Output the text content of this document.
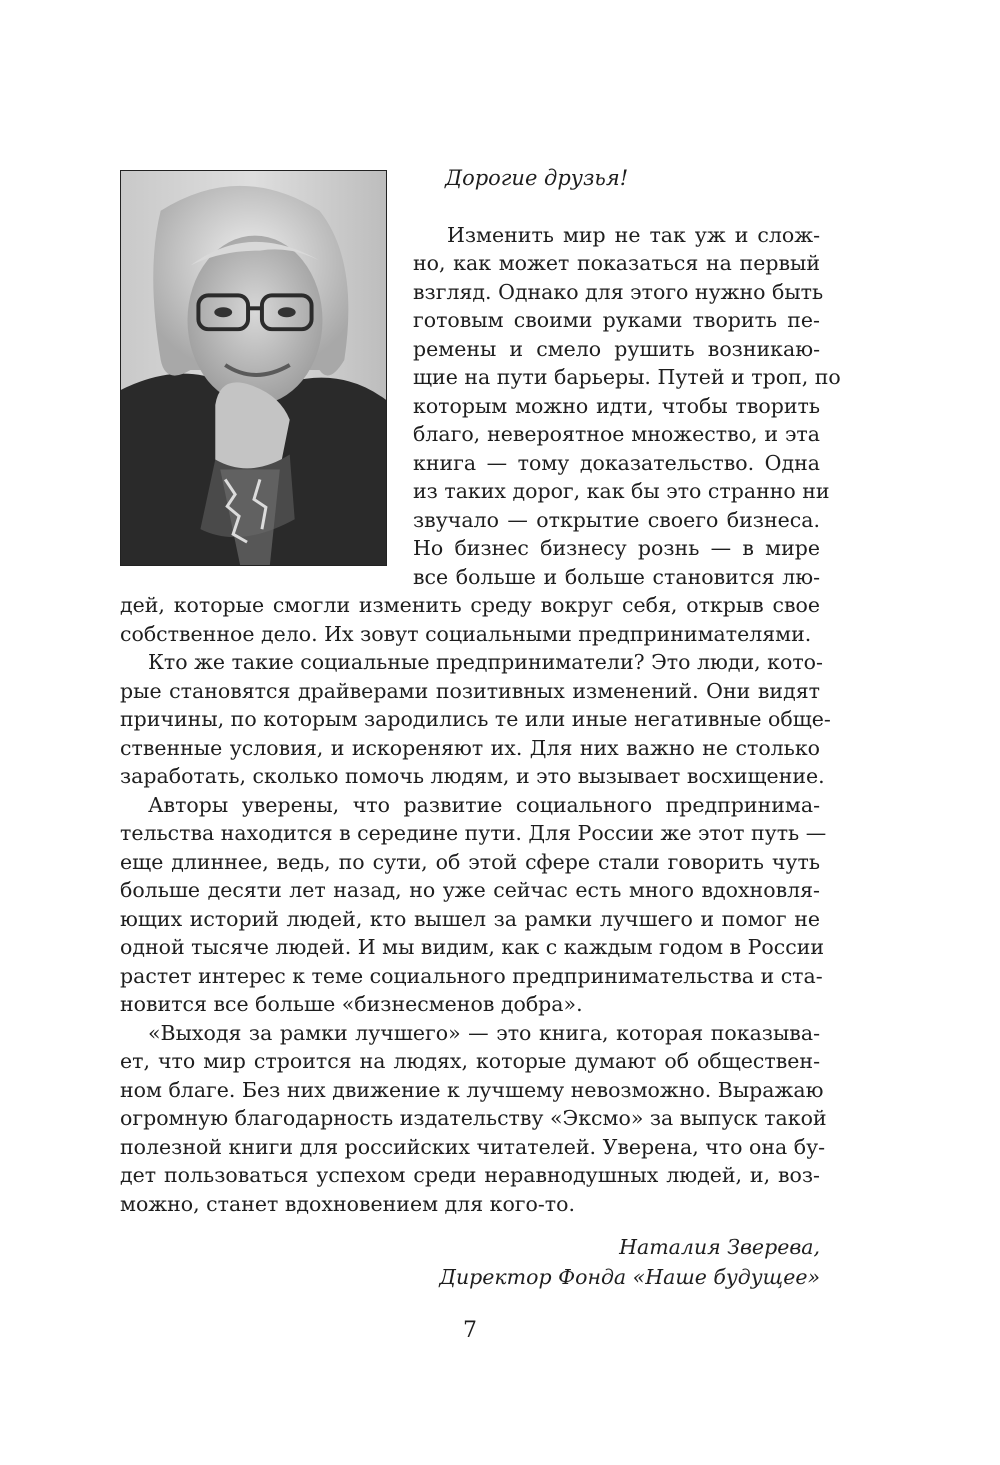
Дорогие друзья!
Изменить мир не так уж и слож-
но, как может показаться на первый
взгляд. Однако для этого нужно быть
готовым своими руками творить пе-
ремены и смело рушить возникаю-
щие на пути барьеры. Путей и троп, по
которым можно идти, чтобы творить
благо, невероятное множество, и эта
книга — тому доказательство. Одна
из таких дорог, как бы это странно ни
звучало — открытие своего бизнеса.
Но бизнес бизнесу рознь — в мире
все больше и больше становится лю-
дей, которые смогли изменить среду вокруг себя, открыв свое
собственное дело. Их зовут социальными предпринимателями.
Кто же такие социальные предприниматели? Это люди, кото-
рые становятся драйверами позитивных изменений. Они видят
причины, по которым зародились те или иные негативные обще-
ственные условия, и искореняют их. Для них важно не столько
заработать, сколько помочь людям, и это вызывает восхищение.
Авторы уверены, что развитие социального предпринима-
тельства находится в середине пути. Для России же этот путь —
еще длиннее, ведь, по сути, об этой сфере стали говорить чуть
больше десяти лет назад, но уже сейчас есть много вдохновля-
ющих историй людей, кто вышел за рамки лучшего и помог не
одной тысяче людей. И мы видим, как с каждым годом в России
растет интерес к теме социального предпринимательства и ста-
новится все больше «бизнесменов добра».
«Выходя за рамки лучшего» — это книга, которая показыва-
ет, что мир строится на людях, которые думают об обществен-
ном благе. Без них движение к лучшему невозможно. Выражаю
огромную благодарность издательству «Эксмо» за выпуск такой
полезной книги для российских читателей. Уверена, что она бу-
дет пользоваться успехом среди неравнодушных людей, и, воз-
можно, станет вдохновением для кого-то.
Наталия Зверева,
Директор Фонда «Наше будущее»
7
